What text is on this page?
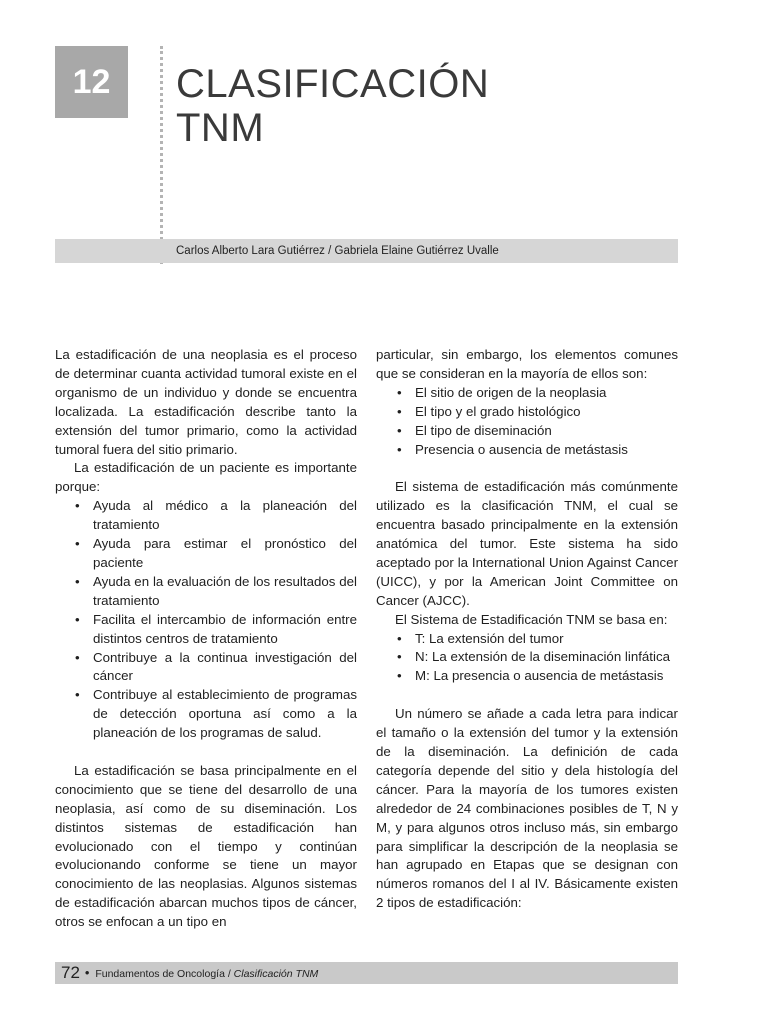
12	CLASIFICACIÓN
TNM
Carlos Alberto Lara Gutiérrez / Gabriela Elaine Gutiérrez Uvalle

La estadificación de una neoplasia es el proceso de determinar cuanta actividad tumoral existe en el organismo de un individuo y donde se encuentra localizada. La estadificación describe tanto la extensión del tumor primario, como la actividad tumoral fuera del sitio primario.

La estadificación de un paciente es importante porque:

• Ayuda al médico a la planeación del tratamiento
• Ayuda para estimar el pronóstico del paciente
• Ayuda en la evaluación de los resultados del tratamiento
• Facilita el intercambio de información entre distintos centros de tratamiento
• Contribuye a la continua investigación del cáncer
• Contribuye al establecimiento de programas de detección oportuna así como a la planeación de los programas de salud.

La estadificación se basa principalmente en el conocimiento que se tiene del desarrollo de una neoplasia, así como de su diseminación. Los distintos sistemas de estadificación han evolucionado con el tiempo y continúan evolucionando conforme se tiene un mayor conocimiento de las neoplasias. Algunos sistemas de estadificación abarcan muchos tipos de cáncer, otros se enfocan a un tipo en

particular, sin embargo, los elementos comunes que se consideran en la mayoría de ellos son:

• El sitio de origen de la neoplasia
• El tipo y el grado histológico
• El tipo de diseminación
• Presencia o ausencia de metástasis

El sistema de estadificación más comúnmente utilizado es la clasificación TNM, el cual se encuentra basado principalmente en la extensión anatómica del tumor. Este sistema ha sido aceptado por la International Union Against Cancer (UICC), y por la American Joint Committee on Cancer (AJCC).

El Sistema de Estadificación TNM se basa en:

• T: La extensión del tumor
• N: La extensión de la diseminación linfática
• M: La presencia o ausencia de metástasis

Un número se añade a cada letra para indicar el tamaño o la extensión del tumor y la extensión de la diseminación. La definición de cada categoría depende del sitio y dela histología del cáncer. Para la mayoría de los tumores existen alrededor de 24 combinaciones posibles de T, N y M, y para algunos otros incluso más, sin embargo para simplificar la descripción de la neoplasia se han agrupado en Etapas que se designan con números romanos del I al IV. Básicamente existen 2 tipos de estadificación:

72 • Fundamentos de Oncología / Clasificación TNM
